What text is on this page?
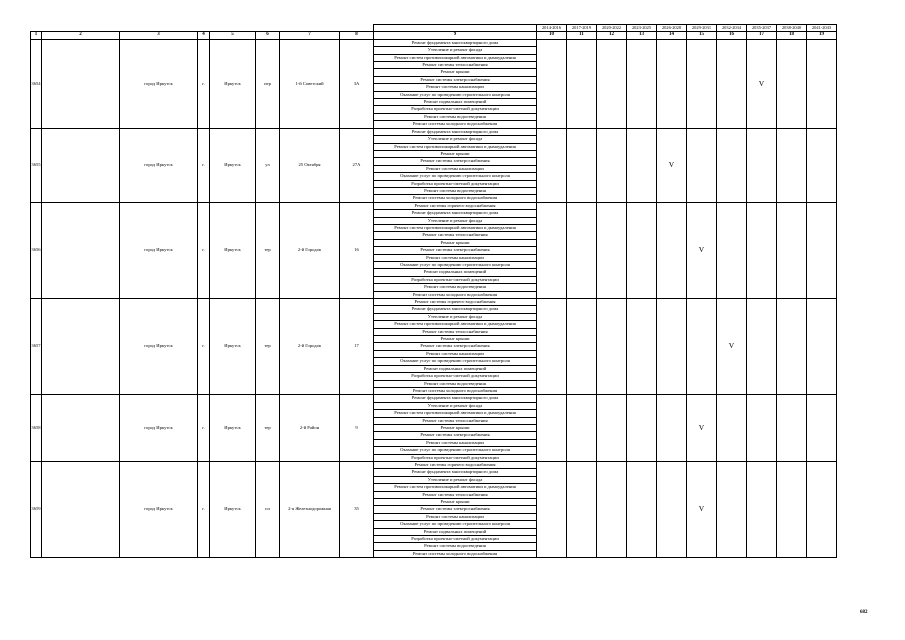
									2014-2016	2017-2019	2020-2022	2023-2025	2026-2028	2029-2031	2032-2034	2035-2037	2038-2040	2041-2043
1	2	3	4	5	6	7	8	9	10	11	12	13	14	15	16	17	18	19
3654		город Иркутск	г.	Иркутск	пер	1-й Советский	3А	Ремонт фундамента многоквартирного дома								V		
								Утепление и ремонт фасада										
								Ремонт систем противопожарной автоматики и дымоудаления										
								Ремонт системы теплоснабжения										
								Ремонт крыши										
								Ремонт системы электроснабжения										
								Ремонт системы канализации										
								Оказание услуг по проведению строительного контроля										
								Ремонт подвальных помещений										
								Разработка проектно-сметной документации										
								Ремонт системы водоотведения										
								Ремонт системы холодного водоснабжения										
3655		город Иркутск	г.	Иркутск	ул	25 Октября	27А	Ремонт фундамента многоквартирного дома					V					
								Утепление и ремонт фасада										
								Ремонт систем противопожарной автоматики и дымоудаления										
								Ремонт крыши										
								Ремонт системы электроснабжения										
								Ремонт системы канализации										
								Оказание услуг по проведению строительного контроля										
								Разработка проектно-сметной документации										
								Ремонт системы водоотведения										
								Ремонт системы холодного водоснабжения										
3656		город Иркутск	г.	Иркутск	тер	2-й Городок	16	Ремонт системы горячего водоснабжения						V				
								Ремонт фундамента многоквартирного дома										
								Утепление и ремонт фасада										
								Ремонт систем противопожарной автоматики и дымоудаления										
								Ремонт системы теплоснабжения										
								Ремонт крыши										
								Ремонт системы электроснабжения										
								Ремонт системы канализации										
								Оказание услуг по проведению строительного контроля										
								Ремонт подвальных помещений										
								Разработка проектно-сметной документации										
								Ремонт системы водоотведения										
								Ремонт системы холодного водоснабжения										
3657		город Иркутск	г.	Иркутск	тер	2-й Городок	17	Ремонт системы горячего водоснабжения							V			
								Ремонт фундамента многоквартирного дома										
								Утепление и ремонт фасада										
								Ремонт систем противопожарной автоматики и дымоудаления										
								Ремонт системы теплоснабжения										
								Ремонт крыши										
								Ремонт системы электроснабжения										
								Ремонт системы канализации										
								Оказание услуг по проведению строительного контроля										
								Ремонт подвальных помещений										
								Разработка проектно-сметной документации										
								Ремонт системы водоотведения										
								Ремонт системы холодного водоснабжения										
3658		город Иркутск	г.	Иркутск	тер	2-й Район	9	Ремонт фундамента многоквартирного дома						V				
								Утепление и ремонт фасада										
								Ремонт систем противопожарной автоматики и дымоудаления										
								Ремонт системы теплоснабжения										
								Ремонт крыши										
								Ремонт системы электроснабжения										
								Ремонт системы канализации										
								Оказание услуг по проведению строительного контроля										
								Разработка проектно-сметной документации										
3659		город Иркутск	г.	Иркутск	пл	2-я Железнодорожная	35	Ремонт системы горячего водоснабжения						V				
								Ремонт фундамента многоквартирного дома										
								Утепление и ремонт фасада										
								Ремонт систем противопожарной автоматики и дымоудаления										
								Ремонт системы теплоснабжения										
								Ремонт крыши										
								Ремонт системы электроснабжения										
								Ремонт системы канализации										
								Оказание услуг по проведению строительного контроля										
								Ремонт подвальных помещений										
								Разработка проектно-сметной документации										
								Ремонт системы водоотведения										
								Ремонт системы холодного водоснабжения										
682
